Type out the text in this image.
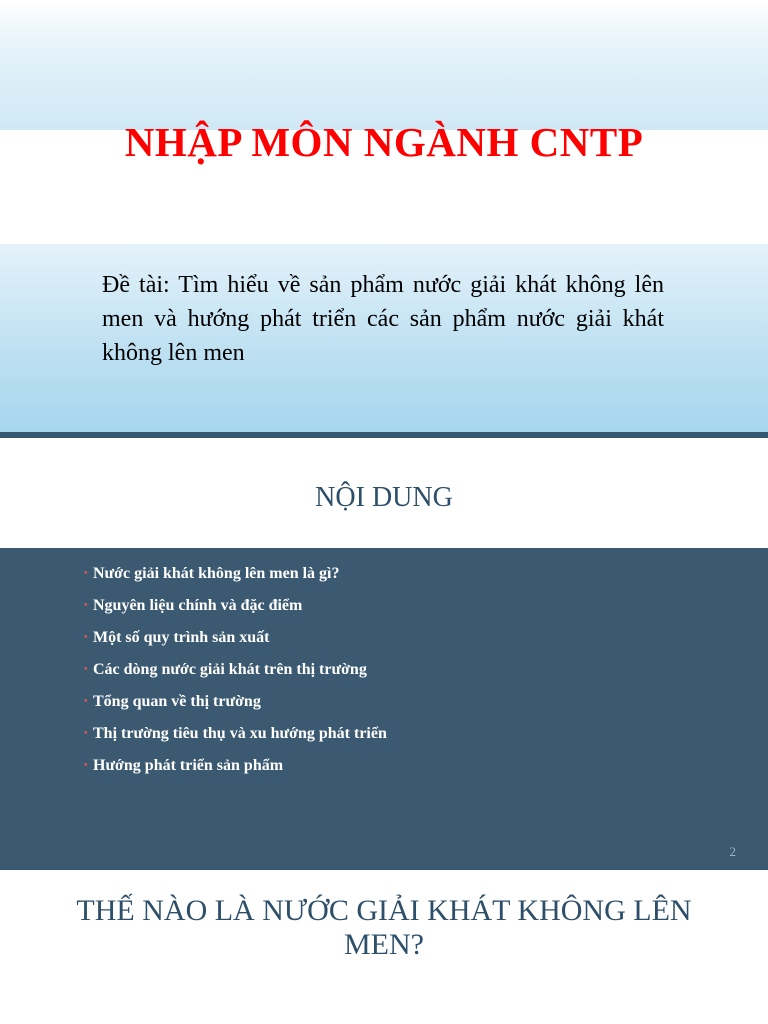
NHẬP MÔN NGÀNH CNTP
Đề tài: Tìm hiểu về sản phẩm nước giải khát không lên men và hướng phát triển các sản phẩm nước giải khát không lên men
NỘI DUNG
• Nước giải khát không lên men là gì?
• Nguyên liệu chính và đặc điểm
• Một số quy trình sản xuất
• Các dòng nước giải khát trên thị trường
• Tổng quan về thị trường
• Thị trường tiêu thụ và xu hướng phát triển
• Hướng phát triển sản phẩm
2
THẾ NÀO LÀ NƯỚC GIẢI KHÁT KHÔNG LÊN MEN?
